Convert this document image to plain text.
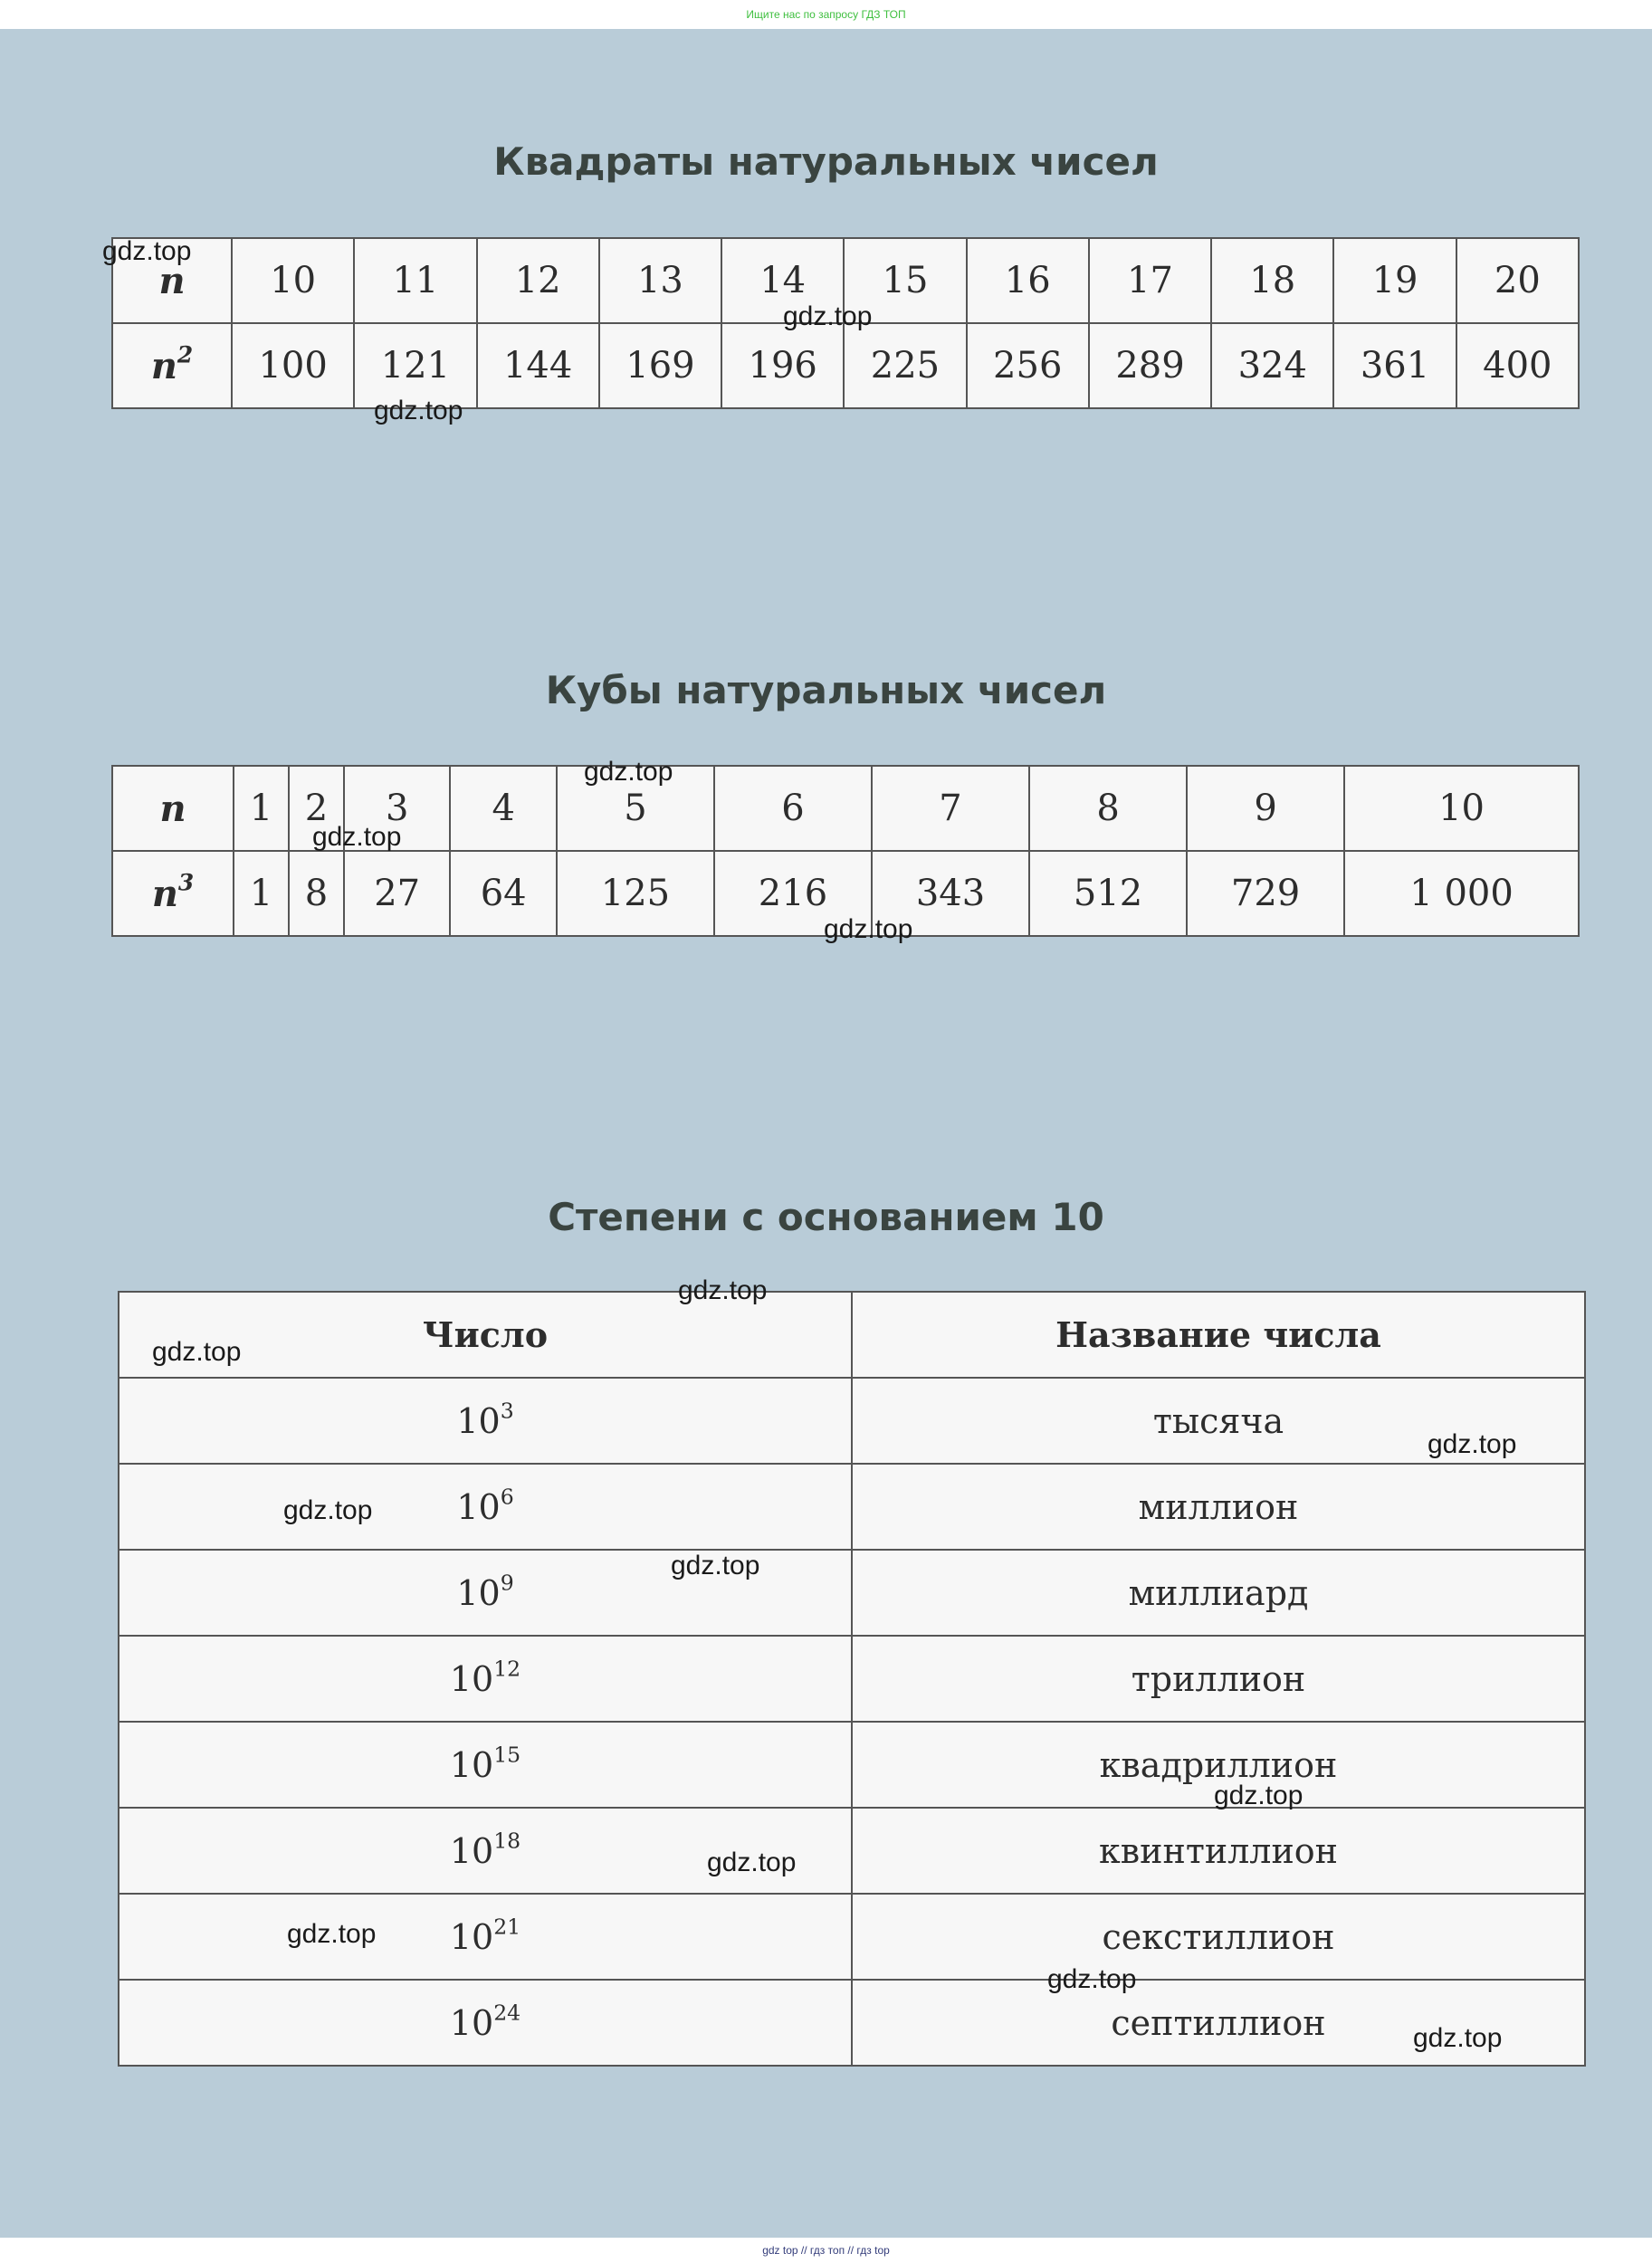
Ищите нас по запросу ГДЗ ТОП
Квадраты натуральных чисел
n	10	11	12	13	14	15	16	17	18	19	20
$n^2$	100	121	144	169	196	225	256	289	324	361	400
Кубы натуральных чисел
n	1	2	3	4	5	6	7	8	9	10
$n^3$	1	8	27	64	125	216	343	512	729	1 000
Степени с основанием 10
Число	Название числа
$10^3$	тысяча
$10^6$	миллион
$10^9$	миллиард
$10^{12}$	триллион
$10^{15}$	квадриллион
$10^{18}$	квинтиллион
$10^{21}$	секстиллион
$10^{24}$	септиллион
gdz.top
gdz.top
gdz.top
gdz.top
gdz.top
gdz.top
gdz.top
gdz.top
gdz.top
gdz.top
gdz.top
gdz.top
gdz.top
gdz.top
gdz.top
gdz.top
gdz top // гдз топ // гдз top
